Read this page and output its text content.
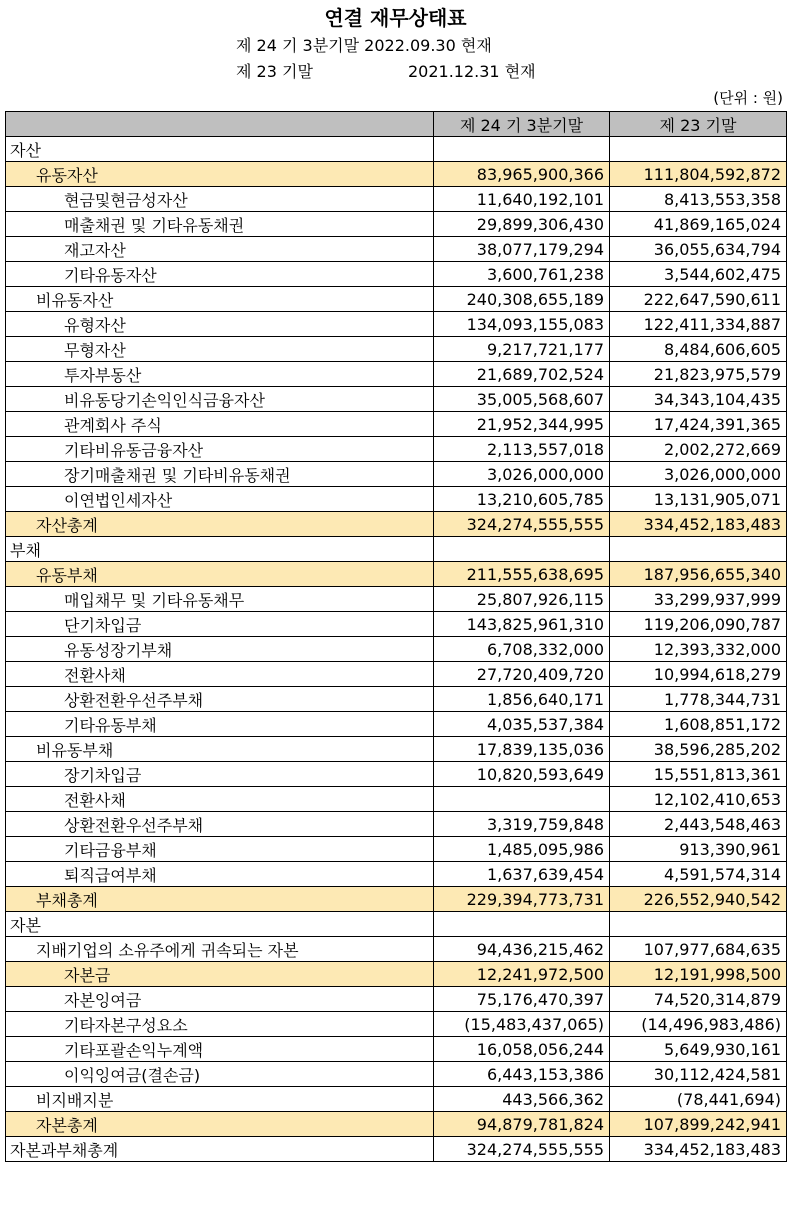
연결 재무상태표
제 24 기 3분기말 2022.09.30 현재
제 23 기말	2021.12.31 현재
(단위 : 원)
	제 24 기 3분기말	제 23 기말
자산		
유동자산	83,965,900,366	111,804,592,872
현금및현금성자산	11,640,192,101	8,413,553,358
매출채권 및 기타유동채권	29,899,306,430	41,869,165,024
재고자산	38,077,179,294	36,055,634,794
기타유동자산	3,600,761,238	3,544,602,475
비유동자산	240,308,655,189	222,647,590,611
유형자산	134,093,155,083	122,411,334,887
무형자산	9,217,721,177	8,484,606,605
투자부동산	21,689,702,524	21,823,975,579
비유동당기손익인식금융자산	35,005,568,607	34,343,104,435
관계회사 주식	21,952,344,995	17,424,391,365
기타비유동금융자산	2,113,557,018	2,002,272,669
장기매출채권 및 기타비유동채권	3,026,000,000	3,026,000,000
이연법인세자산	13,210,605,785	13,131,905,071
자산총계	324,274,555,555	334,452,183,483
부채		
유동부채	211,555,638,695	187,956,655,340
매입채무 및 기타유동채무	25,807,926,115	33,299,937,999
단기차입금	143,825,961,310	119,206,090,787
유동성장기부채	6,708,332,000	12,393,332,000
전환사채	27,720,409,720	10,994,618,279
상환전환우선주부채	1,856,640,171	1,778,344,731
기타유동부채	4,035,537,384	1,608,851,172
비유동부채	17,839,135,036	38,596,285,202
장기차입금	10,820,593,649	15,551,813,361
전환사채		12,102,410,653
상환전환우선주부채	3,319,759,848	2,443,548,463
기타금융부채	1,485,095,986	913,390,961
퇴직급여부채	1,637,639,454	4,591,574,314
부채총계	229,394,773,731	226,552,940,542
자본		
지배기업의 소유주에게 귀속되는 자본	94,436,215,462	107,977,684,635
자본금	12,241,972,500	12,191,998,500
자본잉여금	75,176,470,397	74,520,314,879
기타자본구성요소	(15,483,437,065)	(14,496,983,486)
기타포괄손익누계액	16,058,056,244	5,649,930,161
이익잉여금(결손금)	6,443,153,386	30,112,424,581
비지배지분	443,566,362	(78,441,694)
자본총계	94,879,781,824	107,899,242,941
자본과부채총계	324,274,555,555	334,452,183,483
